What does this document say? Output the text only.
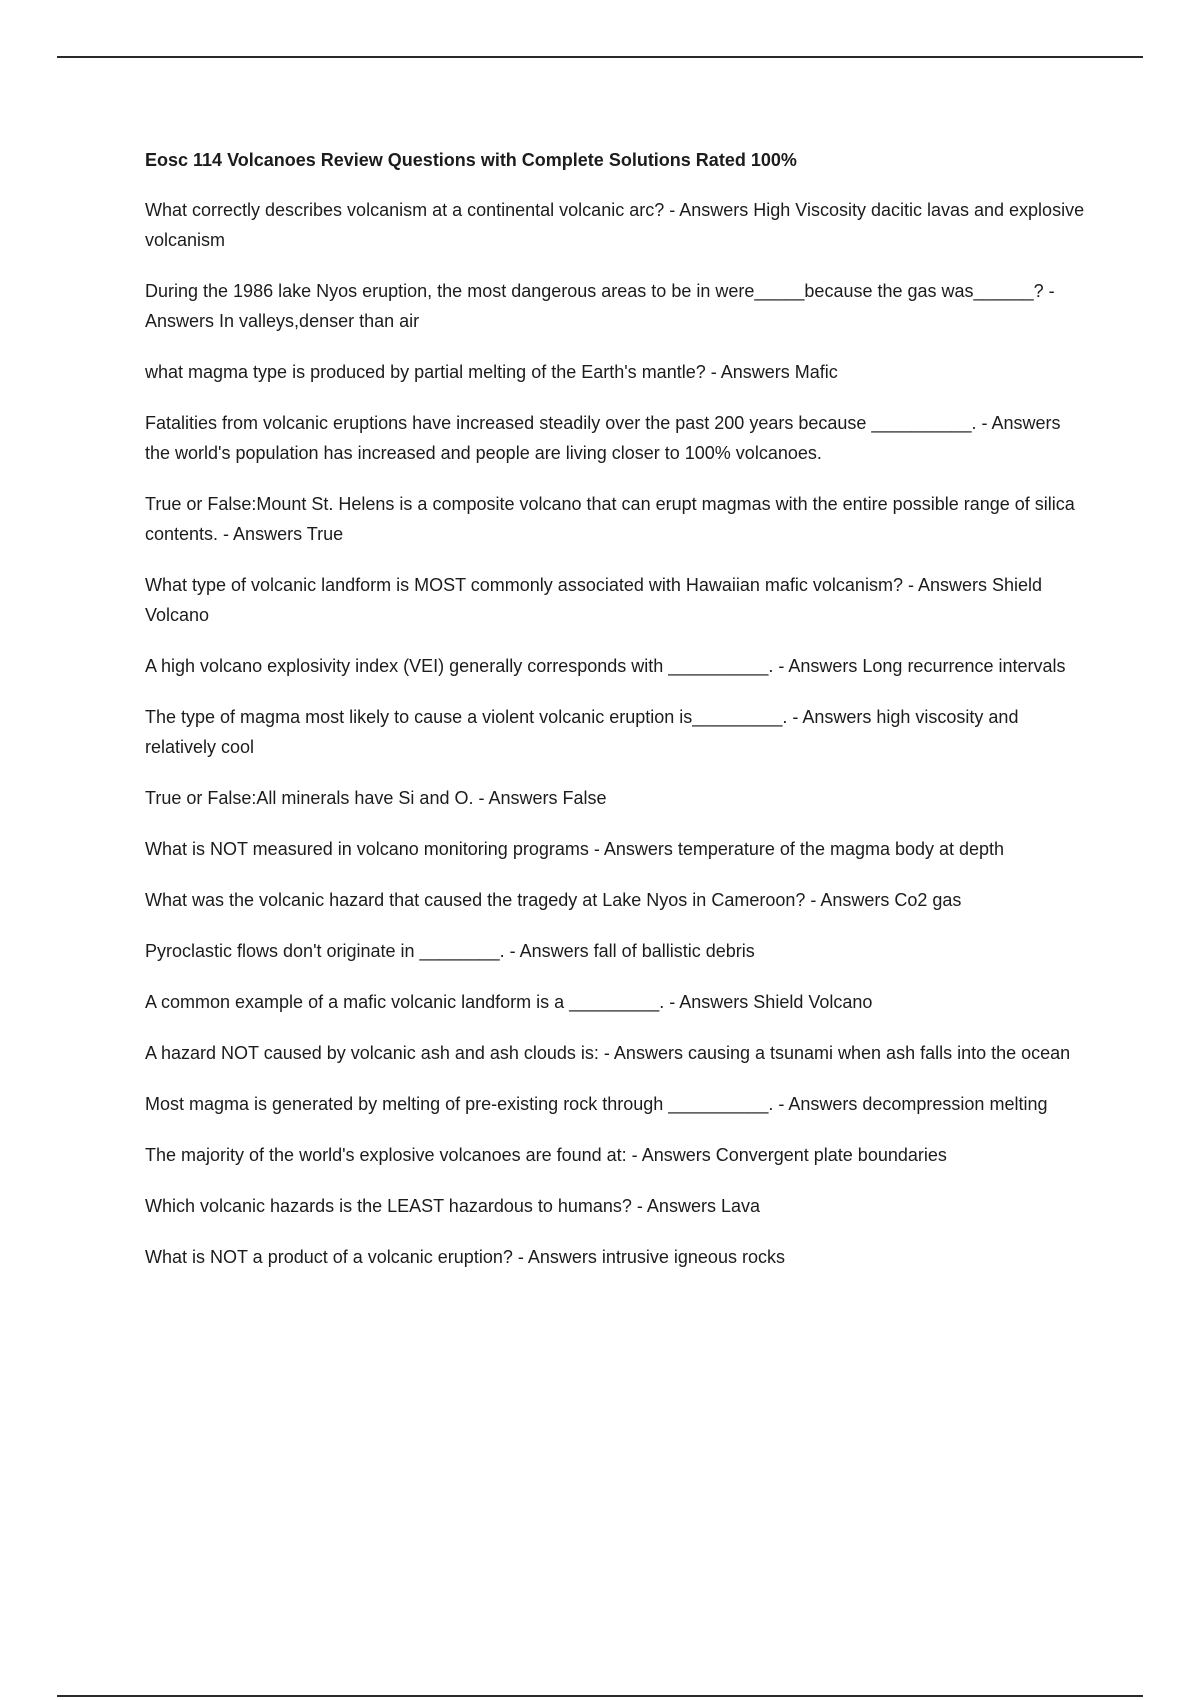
Eosc 114 Volcanoes Review Questions with Complete Solutions Rated 100%
What correctly describes volcanism at a continental volcanic arc? - Answers High Viscosity dacitic lavas and explosive volcanism
During the 1986 lake Nyos eruption, the most dangerous areas to be in were_____because the gas was______? - Answers In valleys,denser than air
what magma type is produced by partial melting of the Earth's mantle? - Answers Mafic
Fatalities from volcanic eruptions have increased steadily over the past 200 years because __________. - Answers the world's population has increased and people are living closer to 100% volcanoes.
True or False:Mount St. Helens is a composite volcano that can erupt magmas with the entire possible range of silica contents. - Answers True
What type of volcanic landform is MOST commonly associated with Hawaiian mafic volcanism? - Answers Shield Volcano
A high volcano explosivity index (VEI) generally corresponds with __________. - Answers Long recurrence intervals
The type of magma most likely to cause a violent volcanic eruption is_________. - Answers high viscosity and relatively cool
True or False:All minerals have Si and O. - Answers False
What is NOT measured in volcano monitoring programs - Answers temperature of the magma body at depth
What was the volcanic hazard that caused the tragedy at Lake Nyos in Cameroon? - Answers Co2 gas
Pyroclastic flows don't originate in ________. - Answers fall of ballistic debris
A common example of a mafic volcanic landform is a _________. - Answers Shield Volcano
A hazard NOT caused by volcanic ash and ash clouds is: - Answers causing a tsunami when ash falls into the ocean
Most magma is generated by melting of pre-existing rock through __________. - Answers decompression melting
The majority of the world's explosive volcanoes are found at: - Answers Convergent plate boundaries
Which volcanic hazards is the LEAST hazardous to humans? - Answers Lava
What is NOT a product of a volcanic eruption? - Answers intrusive igneous rocks
